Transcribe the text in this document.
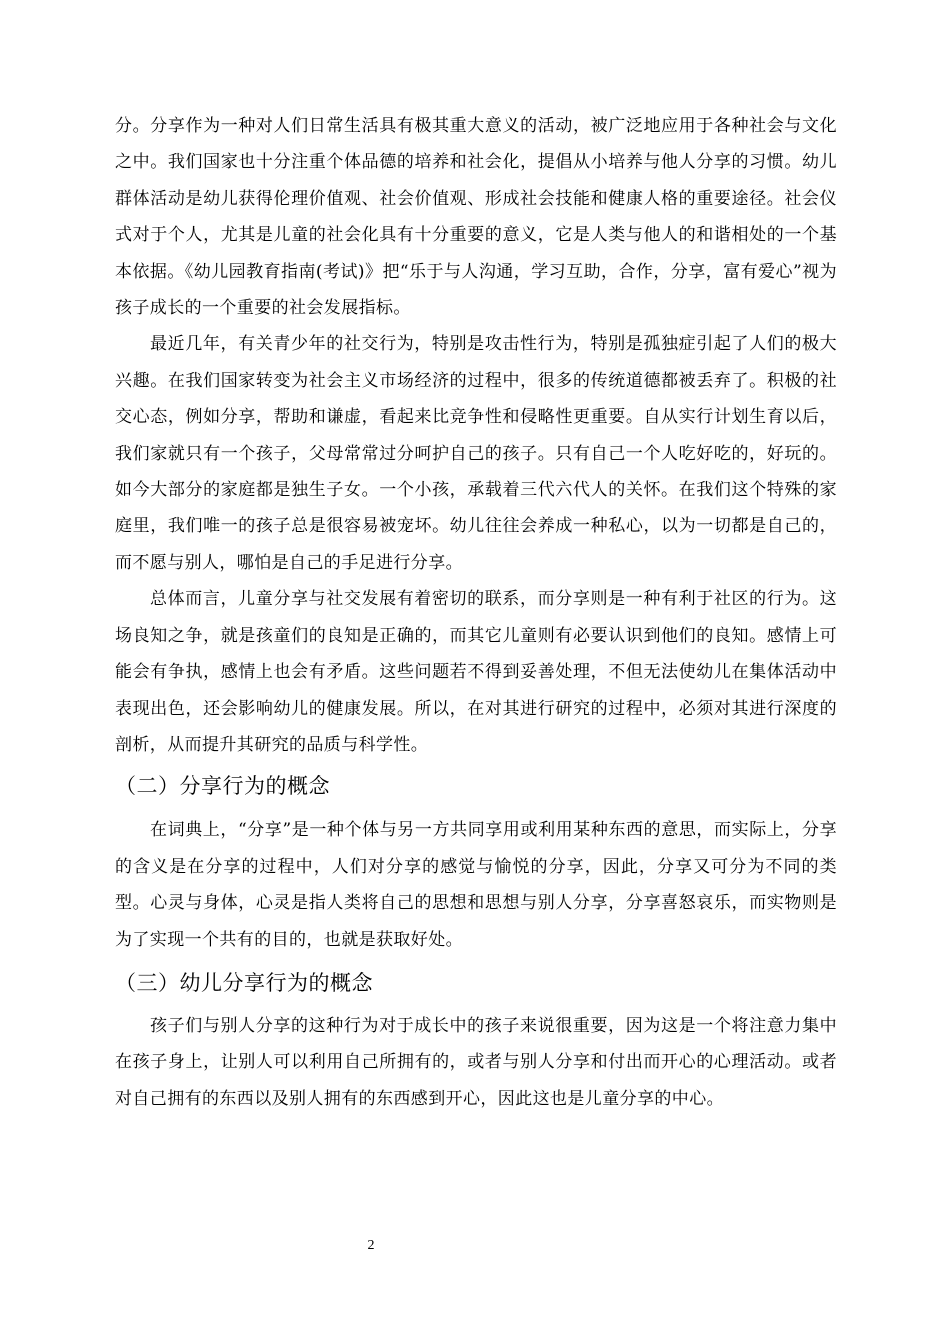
分。分享作为一种对人们日常生活具有极其重大意义的活动，被广泛地应用于各种社会与文化之中。我们国家也十分注重个体品德的培养和社会化，提倡从小培养与他人分享的习惯。幼儿群体活动是幼儿获得伦理价值观、社会价值观、形成社会技能和健康人格的重要途径。社会仪式对于个人，尤其是儿童的社会化具有十分重要的意义，它是人类与他人的和谐相处的一个基本依据。《幼儿园教育指南(考试)》把“乐于与人沟通，学习互助，合作，分享，富有爱心”视为孩子成长的一个重要的社会发展指标。

最近几年，有关青少年的社交行为，特别是攻击性行为，特别是孤独症引起了人们的极大兴趣。在我们国家转变为社会主义市场经济的过程中，很多的传统道德都被丢弃了。积极的社交心态，例如分享，帮助和谦虚，看起来比竞争性和侵略性更重要。自从实行计划生育以后，我们家就只有一个孩子，父母常常过分呵护自己的孩子。只有自己一个人吃好吃的，好玩的。如今大部分的家庭都是独生子女。一个小孩，承载着三代六代人的关怀。在我们这个特殊的家庭里，我们唯一的孩子总是很容易被宠坏。幼儿往往会养成一种私心，以为一切都是自己的，而不愿与别人，哪怕是自己的手足进行分享。

总体而言，儿童分享与社交发展有着密切的联系，而分享则是一种有利于社区的行为。这场良知之争，就是孩童们的良知是正确的，而其它儿童则有必要认识到他们的良知。感情上可能会有争执，感情上也会有矛盾。这些问题若不得到妥善处理，不但无法使幼儿在集体活动中表现出色，还会影响幼儿的健康发展。所以，在对其进行研究的过程中，必须对其进行深度的剖析，从而提升其研究的品质与科学性。

（二）分享行为的概念

在词典上，“分享”是一种个体与另一方共同享用或利用某种东西的意思，而实际上，分享的含义是在分享的过程中，人们对分享的感觉与愉悦的分享，因此，分享又可分为不同的类型。心灵与身体，心灵是指人类将自己的思想和思想与别人分享，分享喜怒哀乐，而实物则是为了实现一个共有的目的，也就是获取好处。

（三）幼儿分享行为的概念

孩子们与别人分享的这种行为对于成长中的孩子来说很重要，因为这是一个将注意力集中在孩子身上，让别人可以利用自己所拥有的，或者与别人分享和付出而开心的心理活动。或者对自己拥有的东西以及别人拥有的东西感到开心，因此这也是儿童分享的中心。

2
